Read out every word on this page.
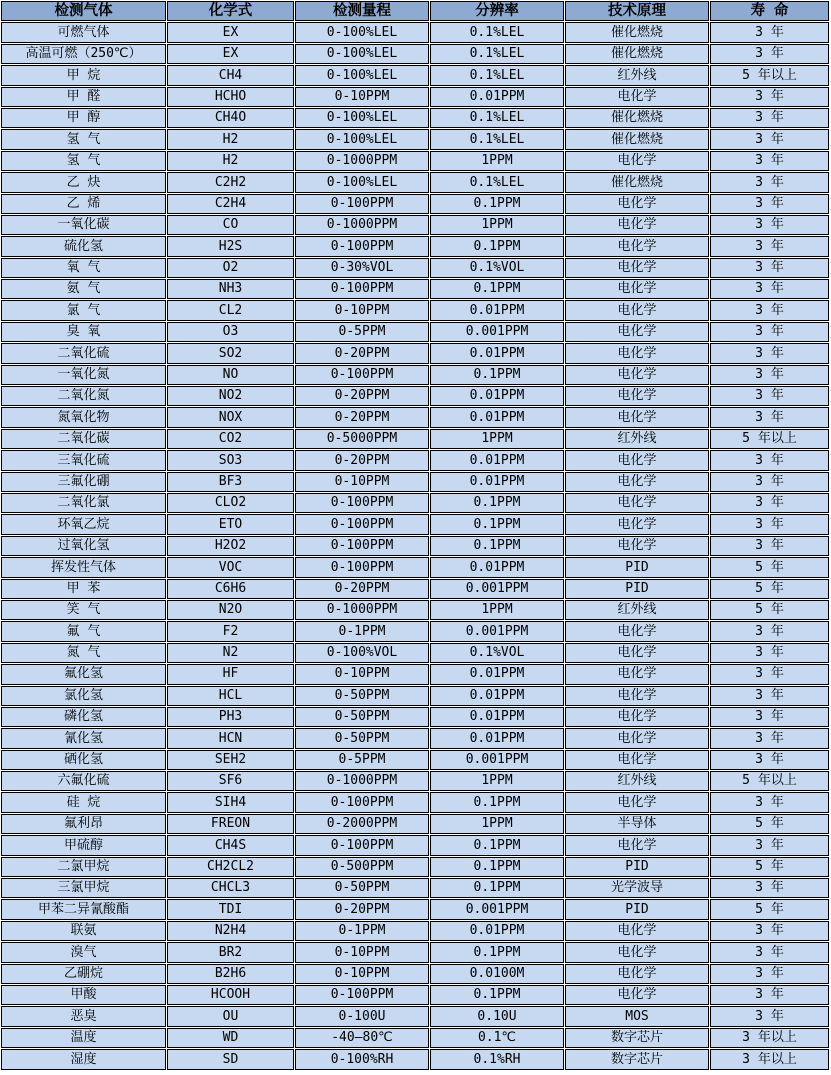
检测气体	化学式	检测量程	分辨率	技术原理	寿 命
可燃气体	EX	0-100%LEL	0.1%LEL	催化燃烧	3 年
高温可燃（250℃）	EX	0-100%LEL	0.1%LEL	催化燃烧	3 年
甲 烷	CH4	0-100%LEL	0.1%LEL	红外线	5 年以上
甲 醛	HCHO	0-10PPM	0.01PPM	电化学	3 年
甲 醇	CH4O	0-100%LEL	0.1%LEL	催化燃烧	3 年
氢 气	H2	0-100%LEL	0.1%LEL	催化燃烧	3 年
氢 气	H2	0-1000PPM	1PPM	电化学	3 年
乙 炔	C2H2	0-100%LEL	0.1%LEL	催化燃烧	3 年
乙 烯	C2H4	0-100PPM	0.1PPM	电化学	3 年
一氧化碳	CO	0-1000PPM	1PPM	电化学	3 年
硫化氢	H2S	0-100PPM	0.1PPM	电化学	3 年
氧 气	O2	0-30%VOL	0.1%VOL	电化学	3 年
氨 气	NH3	0-100PPM	0.1PPM	电化学	3 年
氯 气	CL2	0-10PPM	0.01PPM	电化学	3 年
臭 氧	O3	0-5PPM	0.001PPM	电化学	3 年
二氧化硫	SO2	0-20PPM	0.01PPM	电化学	3 年
一氧化氮	NO	0-100PPM	0.1PPM	电化学	3 年
二氧化氮	NO2	0-20PPM	0.01PPM	电化学	3 年
氮氧化物	NOX	0-20PPM	0.01PPM	电化学	3 年
二氧化碳	CO2	0-5000PPM	1PPM	红外线	5 年以上
三氧化硫	SO3	0-20PPM	0.01PPM	电化学	3 年
三氟化硼	BF3	0-10PPM	0.01PPM	电化学	3 年
二氧化氯	CLO2	0-100PPM	0.1PPM	电化学	3 年
环氧乙烷	ETO	0-100PPM	0.1PPM	电化学	3 年
过氧化氢	H2O2	0-100PPM	0.1PPM	电化学	3 年
挥发性气体	VOC	0-100PPM	0.01PPM	PID	5 年
甲 苯	C6H6	0-20PPM	0.001PPM	PID	5 年
笑 气	N2O	0-1000PPM	1PPM	红外线	5 年
氟 气	F2	0-1PPM	0.001PPM	电化学	3 年
氮 气	N2	0-100%VOL	0.1%VOL	电化学	3 年
氟化氢	HF	0-10PPM	0.01PPM	电化学	3 年
氯化氢	HCL	0-50PPM	0.01PPM	电化学	3 年
磷化氢	PH3	0-50PPM	0.01PPM	电化学	3 年
氰化氢	HCN	0-50PPM	0.01PPM	电化学	3 年
硒化氢	SEH2	0-5PPM	0.001PPM	电化学	3 年
六氟化硫	SF6	0-1000PPM	1PPM	红外线	5 年以上
硅 烷	SIH4	0-100PPM	0.1PPM	电化学	3 年
氟利昂	FREON	0-2000PPM	1PPM	半导体	5 年
甲硫醇	CH4S	0-100PPM	0.1PPM	电化学	3 年
二氯甲烷	CH2CL2	0-500PPM	0.1PPM	PID	5 年
三氯甲烷	CHCL3	0-50PPM	0.1PPM	光学波导	3 年
甲苯二异氰酸酯	TDI	0-20PPM	0.001PPM	PID	5 年
联氨	N2H4	0-1PPM	0.01PPM	电化学	3 年
溴气	BR2	0-10PPM	0.1PPM	电化学	3 年
乙硼烷	B2H6	0-10PPM	0.0100M	电化学	3 年
甲酸	HCOOH	0-100PPM	0.1PPM	电化学	3 年
恶臭	OU	0-100U	0.10U	MOS	3 年
温度	WD	-40—80℃	0.1℃	数字芯片	3 年以上
湿度	SD	0-100%RH	0.1%RH	数字芯片	3 年以上
